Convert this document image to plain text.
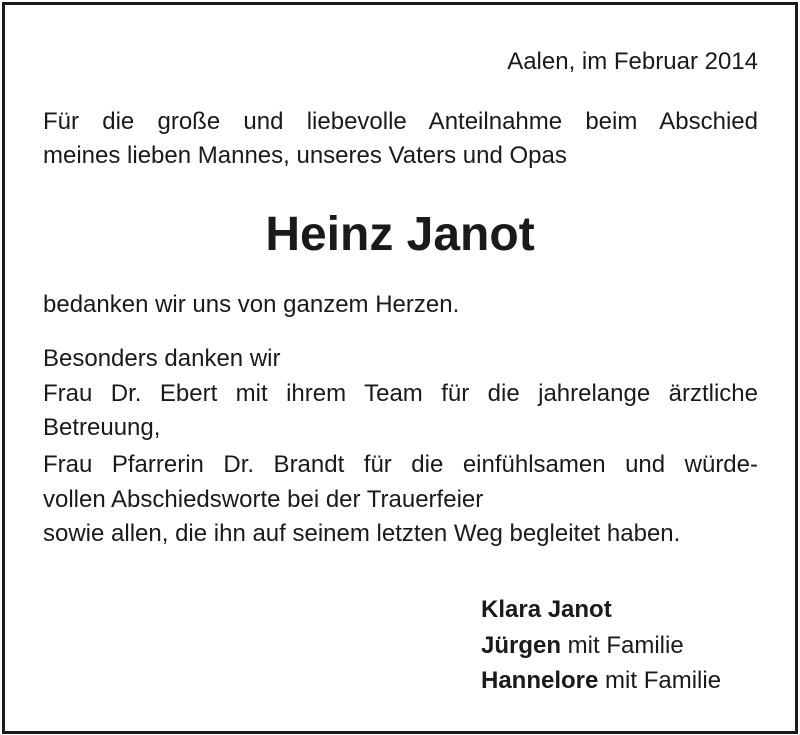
Aalen, im Februar 2014
Für die große und liebevolle Anteilnahme beim Abschied
meines lieben Mannes, unseres Vaters und Opas
Heinz Janot
bedanken wir uns von ganzem Herzen.
Besonders danken wir
Frau Dr. Ebert mit ihrem Team für die jahrelange ärztliche
Betreuung,
Frau Pfarrerin Dr. Brandt für die einfühlsamen und würde-
vollen Abschiedsworte bei der Trauerfeier
sowie allen, die ihn auf seinem letzten Weg begleitet haben.
Klara Janot
Jürgen mit Familie
Hannelore mit Familie
